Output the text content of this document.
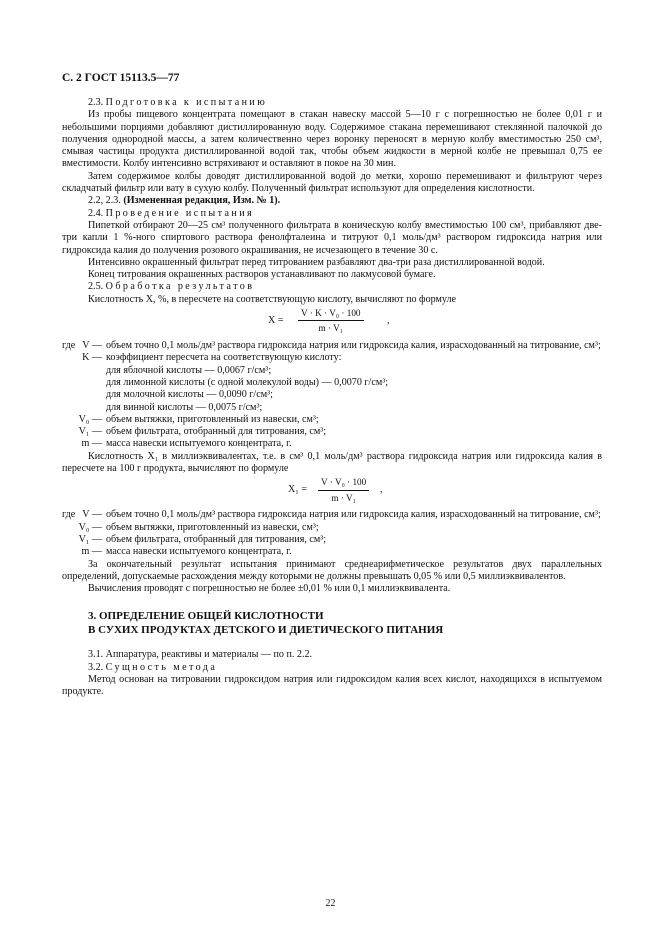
С. 2 ГОСТ 15113.5—77

2.3. Подготовка к испытанию

Из пробы пищевого концентрата помещают в стакан навеску массой 5—10 г с погрешностью не более 0,01 г и небольшими порциями добавляют дистиллированную воду. Содержимое стакана перемешивают стеклянной палочкой до получения однородной массы, а затем количественно через воронку переносят в мерную колбу вместимостью 250 см³, смывая частицы продукта дистиллированной водой так, чтобы объем жидкости в мерной колбе не превышал 0,75 ее вместимости. Колбу интенсивно встряхивают и оставляют в покое на 30 мин.

Затем содержимое колбы доводят дистиллированной водой до метки, хорошо перемешивают и фильтруют через складчатый фильтр или вату в сухую колбу. Полученный фильтрат используют для определения кислотности.

2.2, 2.3. (Измененная редакция, Изм. № 1).

2.4. Проведение испытания

Пипеткой отбирают 20—25 см³ полученного фильтрата в коническую колбу вместимостью 100 см³, прибавляют две-три капли 1 %-ного спиртового раствора фенолфталеина и титруют 0,1 моль/дм³ раствором гидроксида натрия или гидроксида калия до получения розового окрашивания, не исчезающего в течение 30 с.

Интенсивно окрашенный фильтрат перед титрованием разбавляют два-три раза дистиллированной водой.

Конец титрования окрашенных растворов устанавливают по лакмусовой бумаге.

2.5. Обработка результатов

Кислотность X, %, в пересчете на соответствующую кислоту, вычисляют по формуле

$X = \frac{\text{V · K · V₀ · 100}}{\text{m · V₁}}$ ,
где V — объем точно 0,1 моль/дм³ раствора гидроксида натрия или гидроксида калия, израсходованный на титрование, см³;
K — коэффициент пересчета на соответствующую кислоту:
для яблочной кислоты — 0,0067 г/см³;
для лимонной кислоты (с одной молекулой воды) — 0,0070 г/см³;
для молочной кислоты — 0,0090 г/см³;
для винной кислоты — 0,0075 г/см³;
V₀ — объем вытяжки, приготовленный из навески, см³;
V₁ — объем фильтрата, отобранный для титрования, см³;
m — масса навески испытуемого концентрата, г.

Кислотность X₁ в миллиэквивалентах, т.е. в см³ 0,1 моль/дм³ раствора гидроксида натрия или гидроксида калия в пересчете на 100 г продукта, вычисляют по формуле

$X_1 = \frac{\text{V · V₀ · 100}}{\text{m · V₁}}$ ,
где V — объем точно 0,1 моль/дм³ раствора гидроксида натрия или гидроксида калия, израсходованный на титрование, см³;
V₀ — объем вытяжки, приготовленный из навески, см³;
V₁ — объем фильтрата, отобранный для титрования, см³;
m — масса навески испытуемого концентрата, г.

За окончательный результат испытания принимают среднеарифметическое результатов двух параллельных определений, допускаемые расхождения между которыми не должны превышать 0,05 % или 0,5 миллиэквивалентов.

Вычисления проводят с погрешностью не более ±0,01 % или 0,1 миллиэквивалента.

3. ОПРЕДЕЛЕНИЕ ОБЩЕЙ КИСЛОТНОСТИ

В СУХИХ ПРОДУКТАХ ДЕТСКОГО И ДИЕТИЧЕСКОГО ПИТАНИЯ

3.1. Аппаратура, реактивы и материалы — по п. 2.2.

3.2. Сущность метода

Метод основан на титровании гидроксидом натрия или гидроксидом калия всех кислот, находящихся в испытуемом продукте.

22
